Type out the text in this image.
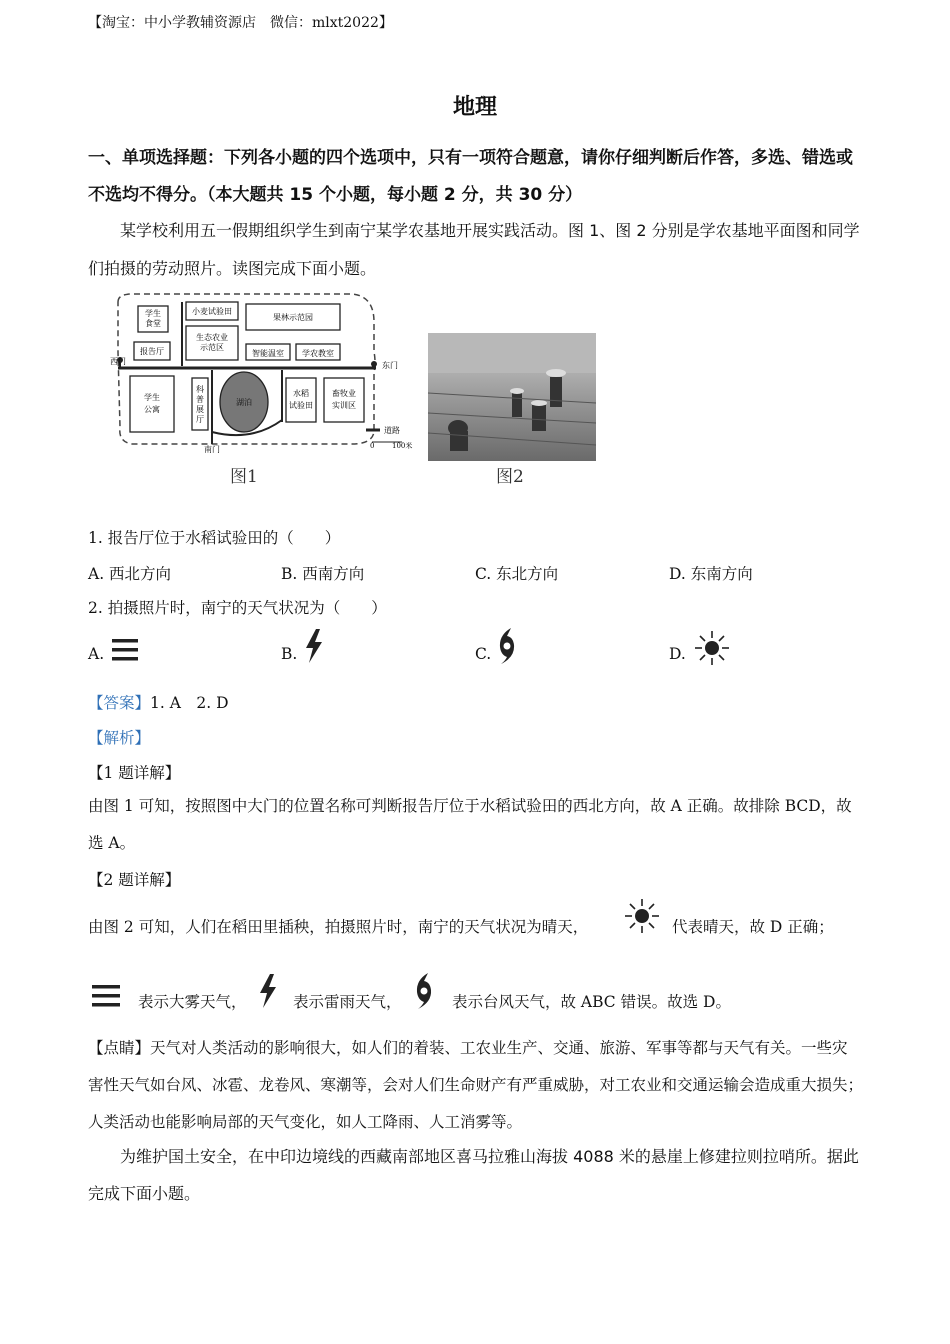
【淘宝：中小学教辅资源店　微信：mlxt2022】
地理
一、单项选择题：下列各小题的四个选项中，只有一项符合题意，请你仔细判断后作答，多选、错选或不选均不得分。（本大题共 15 个小题，每小题 2 分，共 30 分）
某学校利用五一假期组织学生到南宁某学农基地开展实践活动。图 1、图 2 分别是学农基地平面图和同学们拍摄的劳动照片。读图完成下面小题。
学生
食堂
小麦试验田
果林示范园
生态农业
示范区
智能温室 学农教室
报告厅
学生
公寓
科
普
展
厅
湖泊
水稻
试验田
畜牧业
实训区
西门	东门
南门
道路
0	100米
图1	图2
1. 报告厅位于水稻试验田的（　　）
A. 西北方向	B. 西南方向	C. 东北方向	D. 东南方向
2. 拍摄照片时，南宁的天气状况为（　　）
A.	B.	C.	D.
【答案】1. A　2. D
【解析】
【1 题详解】
由图 1 可知，按照图中大门的位置名称可判断报告厅位于水稻试验田的西北方向，故 A 正确。故排除 BCD，故选 A。
【2 题详解】
由图 2 可知，人们在稻田里插秧，拍摄照片时，南宁的天气状况为晴天，	代表晴天，故 D 正确；
表示大雾天气，	表示雷雨天气，	表示台风天气，故 ABC 错误。故选 D。
【点睛】天气对人类活动的影响很大，如人们的着装、工农业生产、交通、旅游、军事等都与天气有关。一些灾害性天气如台风、冰雹、龙卷风、寒潮等，会对人们生命财产有严重威胁，对工农业和交通运输会造成重大损失；人类活动也能影响局部的天气变化，如人工降雨、人工消雾等。
为维护国土安全，在中印边境线的西藏南部地区喜马拉雅山海拔 4088 米的悬崖上修建拉则拉哨所。据此完成下面小题。
